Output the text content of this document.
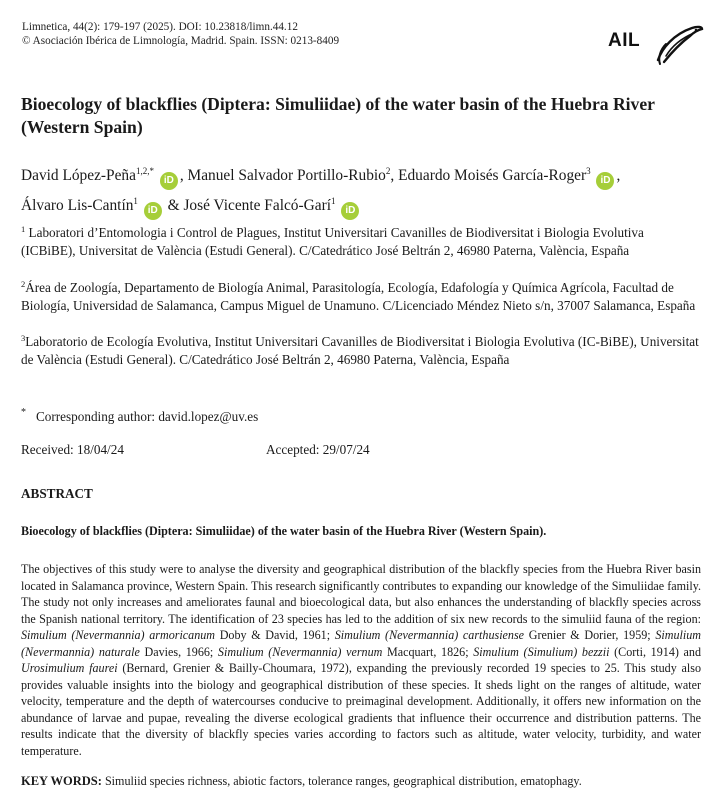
Limnetica, 44(2): 179-197 (2025). DOI: 10.23818/limn.44.12
© Asociación Ibérica de Limnología, Madrid. Spain. ISSN: 0213-8409	AIL
Bioecology of blackflies (Diptera: Simuliidae) of the water basin of the Huebra River (Western Spain)
David López-Peña$^{1,2,*}$ iD , Manuel Salvador Portillo-Rubio$^2$, Eduardo Moisés García-Roger$^3$ iD ,
Álvaro Lis-Cantín$^1$ iD & José Vicente Falcó-Garí$^1$ iD
$^1$ Laboratori d’Entomologia i Control de Plagues, Institut Universitari Cavanilles de Biodiversitat i Biologia Evolutiva (ICBiBE), Universitat de València (Estudi General). C/Catedrático José Beltrán 2, 46980 Paterna, València, España
$^2$Área de Zoología, Departamento de Biología Animal, Parasitología, Ecología, Edafología y Química Agrícola, Facultad de Biología, Universidad de Salamanca, Campus Miguel de Unamuno. C/Licenciado Méndez Nieto s/n, 37007 Salamanca, España
$^3$Laboratorio de Ecología Evolutiva, Institut Universitari Cavanilles de Biodiversitat i Biologia Evolutiva (IC-BiBE), Universitat de València (Estudi General). C/Catedrático José Beltrán 2, 46980 Paterna, València, España
* Corresponding author: david.lopez@uv.es
Received: 18/04/24	Accepted: 29/07/24
ABSTRACT
Bioecology of blackflies (Diptera: Simuliidae) of the water basin of the Huebra River (Western Spain).
The objectives of this study were to analyse the diversity and geographical distribution of the blackfly species from the Huebra River basin located in Salamanca province, Western Spain. This research significantly contributes to expanding our knowledge of the Simuliidae family. The study not only increases and ameliorates faunal and bioecological data, but also enhances the understanding of blackfly species across the Spanish national territory. The identification of 23 species has led to the addition of six new records to the simuliid fauna of the region: Simulium (Nevermannia) armoricanum Doby & David, 1961; Simulium (Nevermannia) carthusiense Grenier & Dorier, 1959; Simulium (Nevermannia) naturale Davies, 1966; Simulium (Nevermannia) vernum Macquart, 1826; Simulium (Simulium) bezzii (Corti, 1914) and Urosimulium faurei (Bernard, Grenier & Bailly-Choumara, 1972), expanding the previously recorded 19 species to 25. This study also provides valuable insights into the biology and geographical distribution of these species. It sheds light on the ranges of altitude, water velocity, temperature and the depth of watercourses conducive to preimaginal development. Additionally, it offers new information on the abundance of larvae and pupae, revealing the diverse ecological gradients that influence their occurrence and distribution patterns. The results indicate that the diversity of blackfly species varies according to factors such as altitude, water velocity, turbidity, and water temperature.
KEY WORDS: Simuliid species richness, abiotic factors, tolerance ranges, geographical distribution, ematophagy.
